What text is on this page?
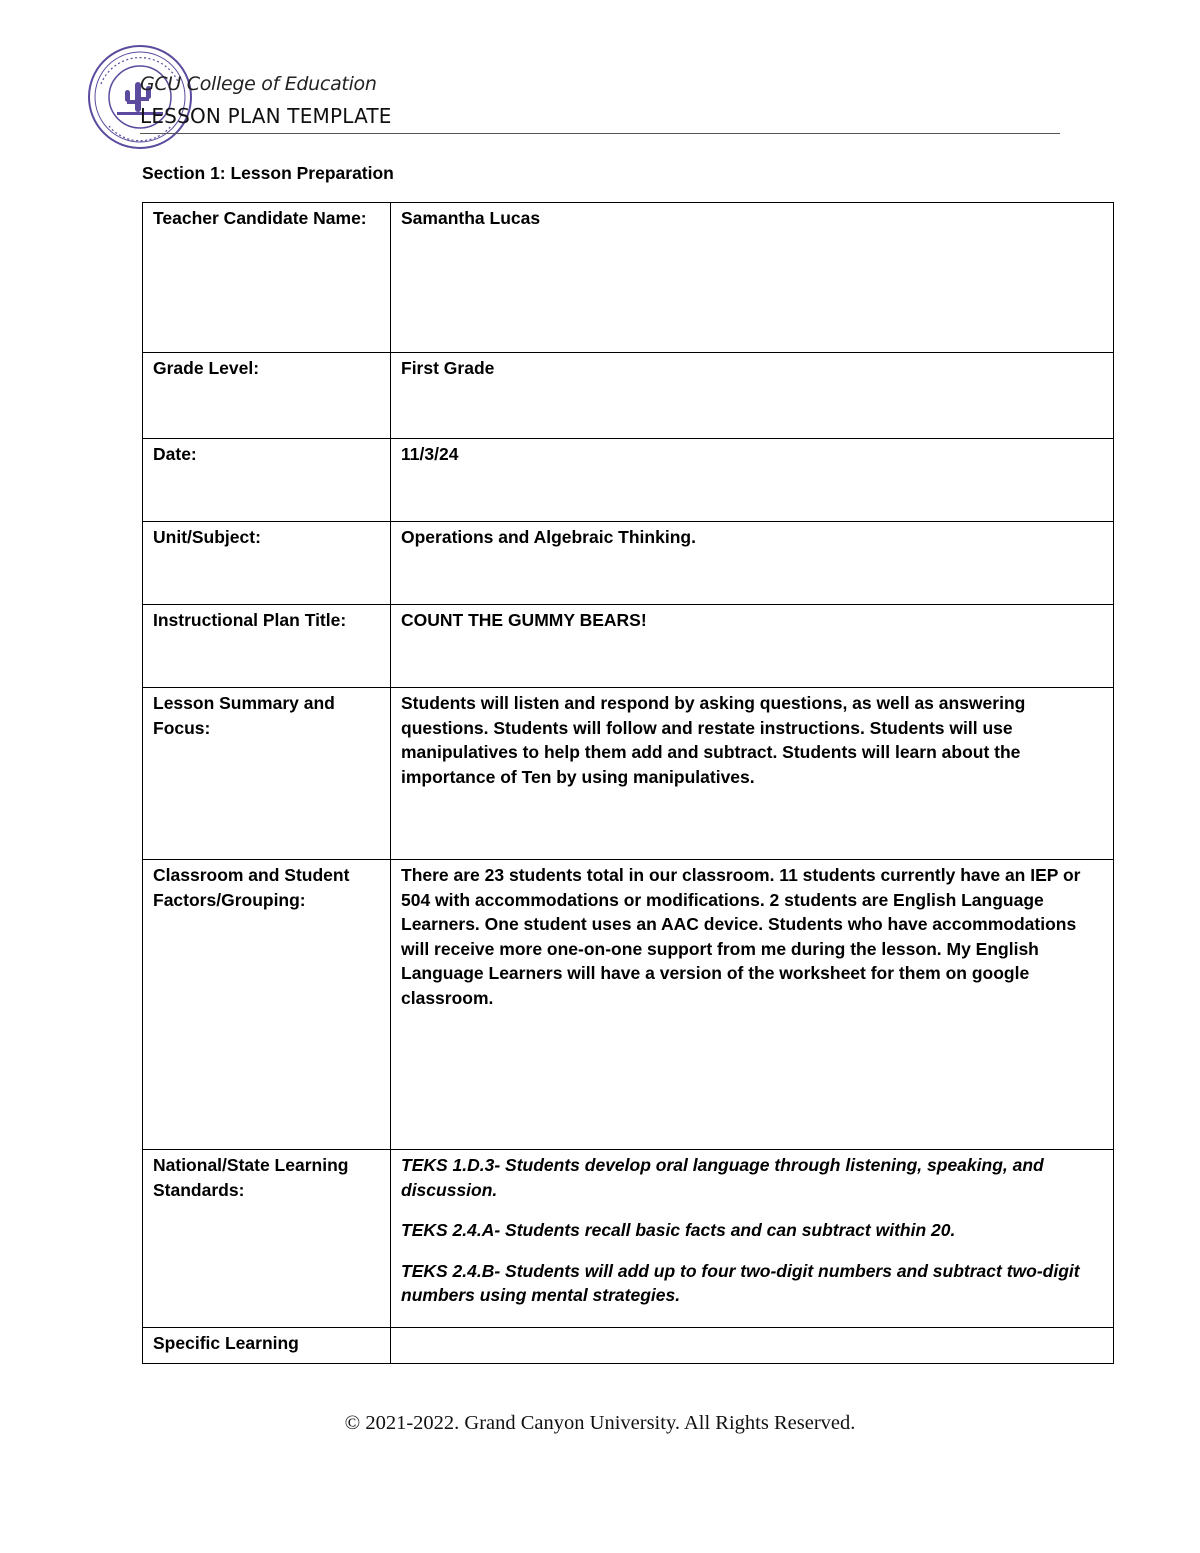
GCU College of Education
LESSON PLAN TEMPLATE
Section 1: Lesson Preparation
Teacher Candidate Name:	Samantha Lucas
Grade Level:	First Grade
Date:	11/3/24
Unit/Subject:	Operations and Algebraic Thinking.
Instructional Plan Title:	COUNT THE GUMMY BEARS!
Lesson Summary and Focus:	Students will listen and respond by asking questions, as well as answering questions. Students will follow and restate instructions. Students will use manipulatives to help them add and subtract. Students will learn about the importance of Ten by using manipulatives.

Classroom and Student Factors/Grouping:	There are 23 students total in our classroom. 11 students currently have an IEP or 504 with accommodations or modifications. 2 students are English Language Learners. One student uses an AAC device. Students who have accommodations will receive more one-on-one support from me during the lesson. My English Language Learners will have a version of the worksheet for them on google classroom.

National/State Learning Standards:	TEKS 1.D.3- Students develop oral language through listening, speaking, and discussion.

TEKS 2.4.A- Students recall basic facts and can subtract within 20.

TEKS 2.4.B- Students will add up to four two-digit numbers and subtract two-digit numbers using mental strategies.

Specific Learning	
© 2021-2022. Grand Canyon University. All Rights Reserved.
